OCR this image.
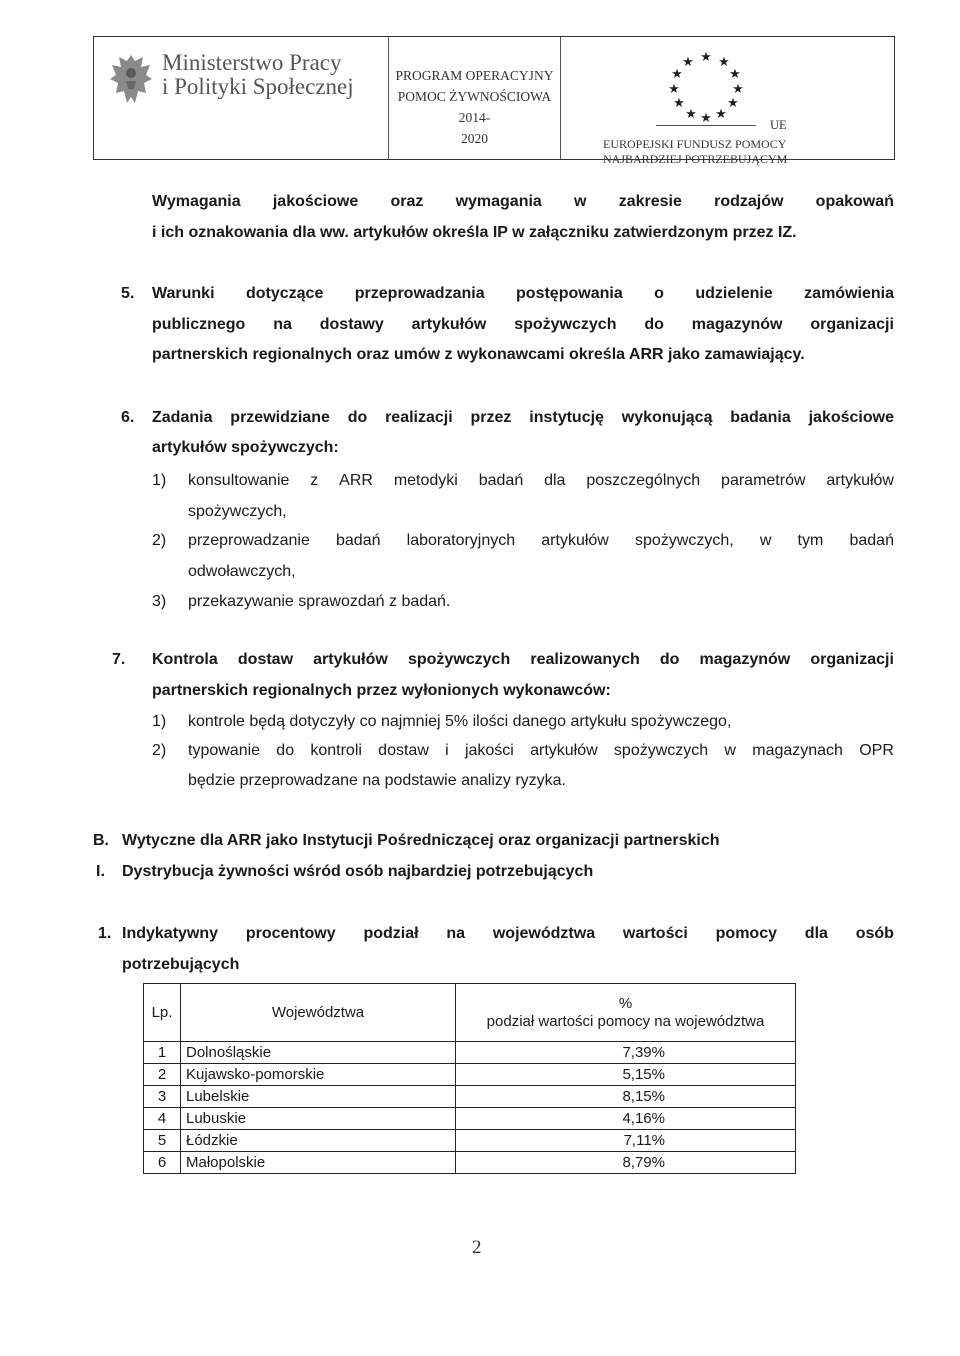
Ministerstwo Pracy
i Polityki Społecznej	PROGRAM OPERACYJNY
POMOC ŻYWNOŚCIOWA 2014-
2020
★ ★
★
★
★
★
★
★
★
★
★
★
UE
EUROPEJSKI FUNDUSZ POMOCY
NAJBARDZIEJ POTRZEBUJĄCYM
Wymagania jakościowe oraz wymagania w zakresie rodzajów opakowań
i ich oznakowania dla ww. artykułów określa IP w załączniku zatwierdzonym przez IZ.
5. Warunki dotyczące przeprowadzania postępowania o udzielenie zamówienia
publicznego na dostawy artykułów spożywczych do magazynów organizacji
partnerskich regionalnych oraz umów z wykonawcami określa ARR jako zamawiający.
6. Zadania przewidziane do realizacji przez instytucję wykonującą badania jakościowe
artykułów spożywczych:
1) konsultowanie z ARR metodyki badań dla poszczególnych parametrów artykułów
spożywczych,
2) przeprowadzanie badań laboratoryjnych artykułów spożywczych, w tym badań
odwoławczych,
3) przekazywanie sprawozdań z badań.
7. Kontrola dostaw artykułów spożywczych realizowanych do magazynów organizacji
partnerskich regionalnych przez wyłonionych wykonawców:
1) kontrole będą dotyczyły co najmniej 5% ilości danego artykułu spożywczego,
2) typowanie do kontroli dostaw i jakości artykułów spożywczych w magazynach OPR
będzie przeprowadzane na podstawie analizy ryzyka.
B. Wytyczne dla ARR jako Instytucji Pośredniczącej oraz organizacji partnerskich
I. Dystrybucja żywności wśród osób najbardziej potrzebujących
1. Indykatywny procentowy podział na województwa wartości pomocy dla osób
potrzebujących
Lp.	Województwa	%
podział wartości pomocy na województwa

1	Dolnośląskie	7,39%
2	Kujawsko-pomorskie	5,15%
3	Lubelskie	8,15%
4	Lubuskie	4,16%
5	Łódzkie	7,11%
6	Małopolskie	8,79%
2
